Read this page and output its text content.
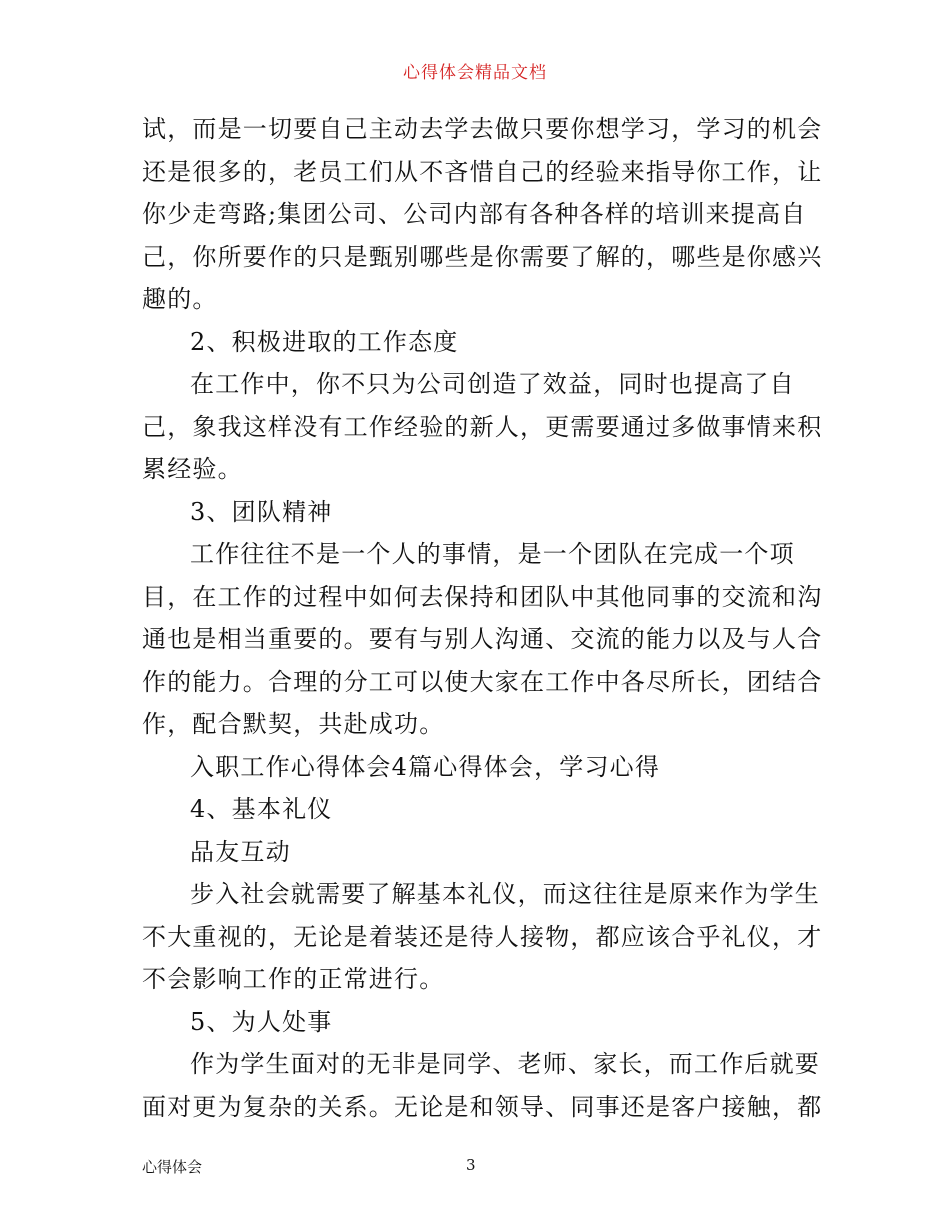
心得体会精品文档
试，而是一切要自己主动去学去做只要你想学习，学习的机会
还是很多的，老员工们从不吝惜自己的经验来指导你工作，让
你少走弯路;集团公司、公司内部有各种各样的培训来提高自
己，你所要作的只是甄别哪些是你需要了解的，哪些是你感兴
趣的。
2、积极进取的工作态度
在工作中，你不只为公司创造了效益，同时也提高了自
己，象我这样没有工作经验的新人，更需要通过多做事情来积
累经验。
3、团队精神
工作往往不是一个人的事情，是一个团队在完成一个项
目，在工作的过程中如何去保持和团队中其他同事的交流和沟
通也是相当重要的。要有与别人沟通、交流的能力以及与人合
作的能力。合理的分工可以使大家在工作中各尽所长，团结合
作，配合默契，共赴成功。
入职工作心得体会4篇心得体会，学习心得
4、基本礼仪
品友互动
步入社会就需要了解基本礼仪，而这往往是原来作为学生
不大重视的，无论是着装还是待人接物，都应该合乎礼仪，才
不会影响工作的正常进行。
5、为人处事
作为学生面对的无非是同学、老师、家长，而工作后就要
面对更为复杂的关系。无论是和领导、同事还是客户接触，都
心得体会	3
